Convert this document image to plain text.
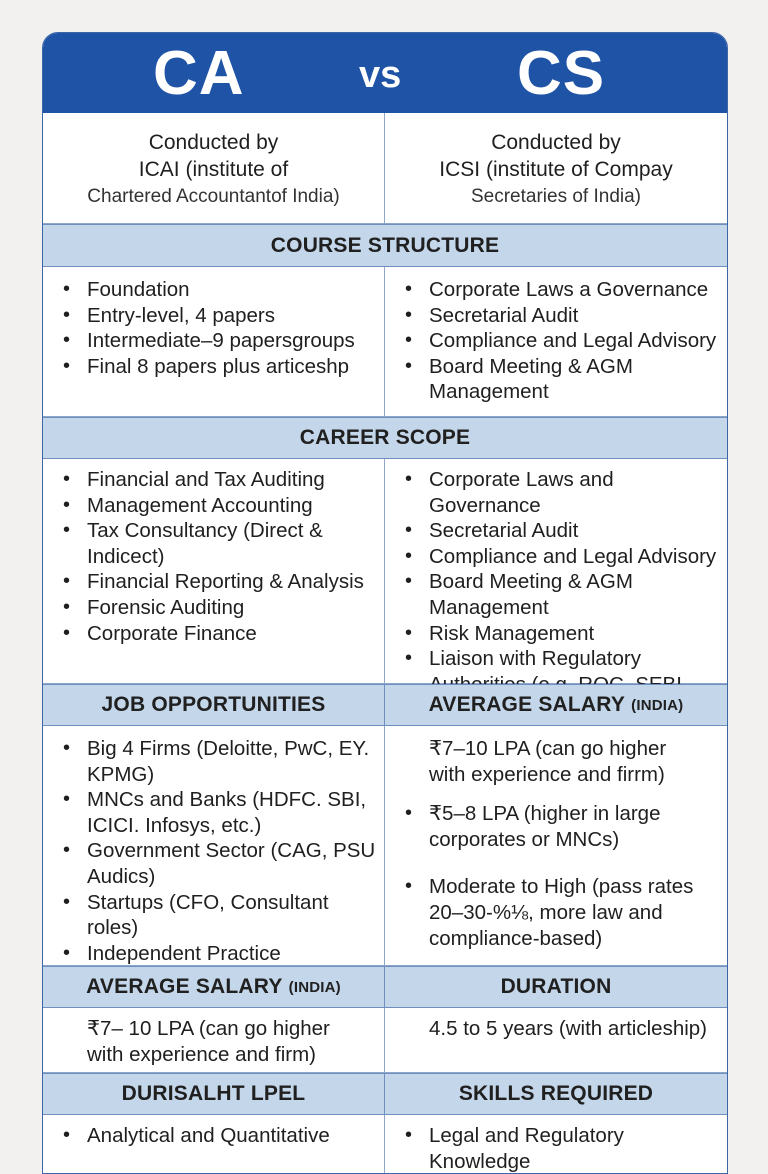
CA	vs CS
Conducted by
ICAI (institute of
Chartered Accountantof India)
Conducted by
ICSI (institute of Compay
Secretaries of India)
COURSE STRUCTURE
• Foundation
• Entry-level, 4 papers
• Intermediate–9 papersgroups
• Final 8 papers plus articeshp
• Corporate Laws a Governance
• Secretarial Audit
• Compliance and Legal Advisory
• Board Meeting & AGM Management
CAREER SCOPE
• Financial and Tax Auditing
• Management Accounting
• Tax Consultancy (Direct & Indicect)
• Financial Reporting & Analysis
• Forensic Auditing
• Corporate Finance
• Corporate Laws and Governance
• Secretarial Audit
• Compliance and Legal Advisory
• Board Meeting & AGM Management
• Risk Management
• Liaison with Regulatory
JOB OPPORTUNITIES	AVERAGE SALARY
(INDIA)
• Big 4 Firms (Deloitte, PwC, EY. KPMG)
• MNCs and Banks (HDFC. SBI, ICICI. Infosys, etc.)
• Government Sector (CAG, PSU Audics)
• Startups (CFO, Consultant roles)
• Independent Practice
₹7–10 LPA (can go higher with experience and firrm)
• ₹5–8 LPA (higher in large corporates or MNCs)
• Moderate to High (pass rates 20–30-%⅛, more law and compliance-based)
AVERAGE SALARY
(INDIA)	DURATION
₹7– 10 LPA (can go higher with experience and firm)
4.5 to 5 years (with articleship)
DURISALHT LPEL	SKILLS REQUIRED
• Analytical and Quantitative
•	Legal and Regulatory Knowledge
